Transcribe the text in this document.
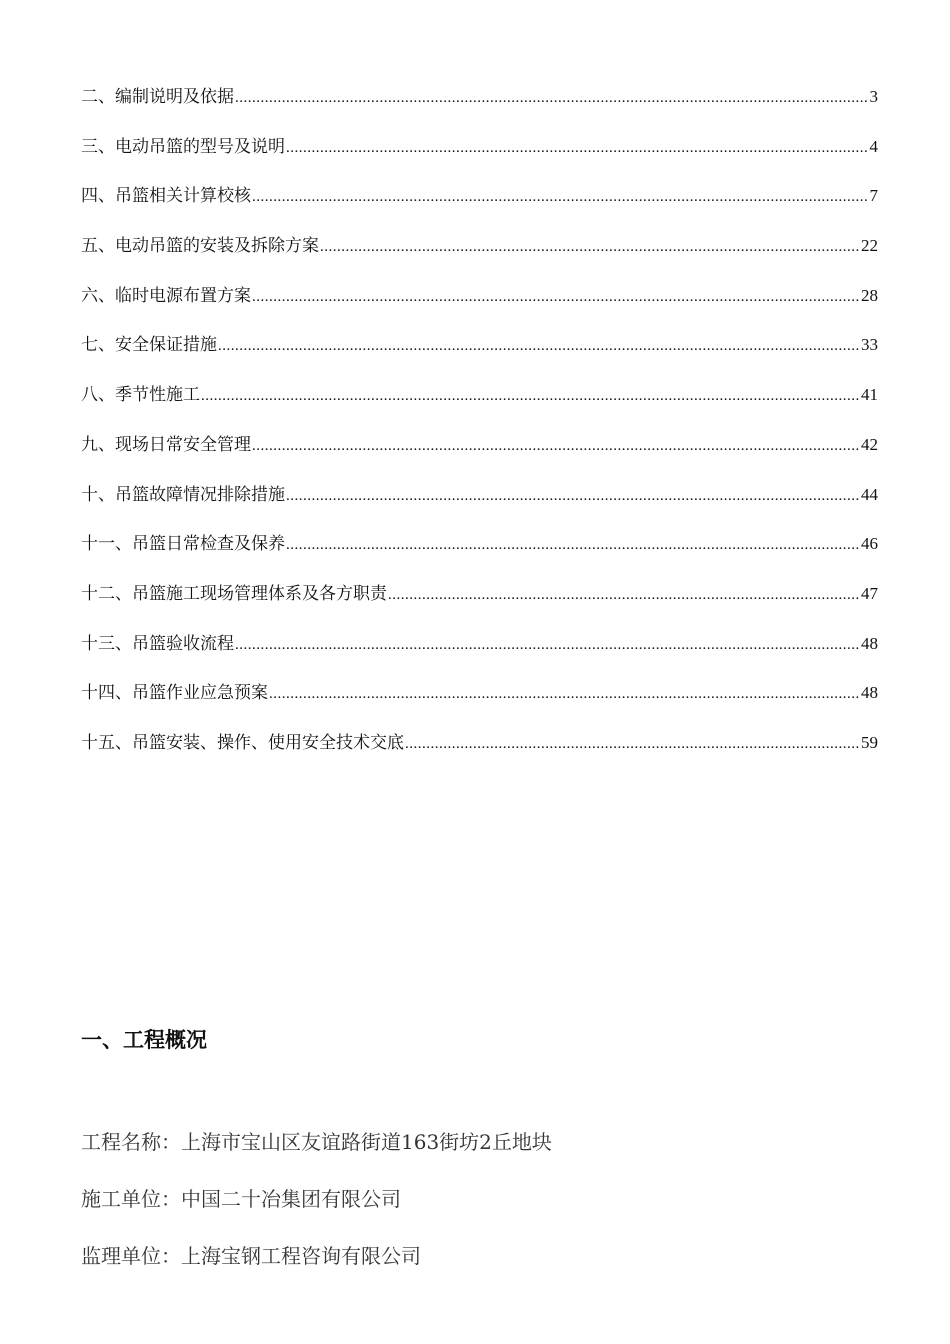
二、编制说明及依据 .....	3
三、电动吊篮的型号及说明 .....	4
四、吊篮相关计算校核 .....	7
五、电动吊篮的安装及拆除方案 .....	22
六、临时电源布置方案 .....	28
七、安全保证措施 .....	33
八、季节性施工 .....	41
九、现场日常安全管理 .....	42
十、吊篮故障情况排除措施 .....	44
十一、吊篮日常检查及保养 .....	46
十二、吊篮施工现场管理体系及各方职责 .....	47
十三、吊篮验收流程 .....	48
十四、吊篮作业应急预案 .....	48
十五、吊篮安装、操作、使用安全技术交底 .....	59
一、工程概况
工程名称：上海市宝山区友谊路街道163街坊2丘地块
施工单位：中国二十冶集团有限公司
监理单位：上海宝钢工程咨询有限公司
